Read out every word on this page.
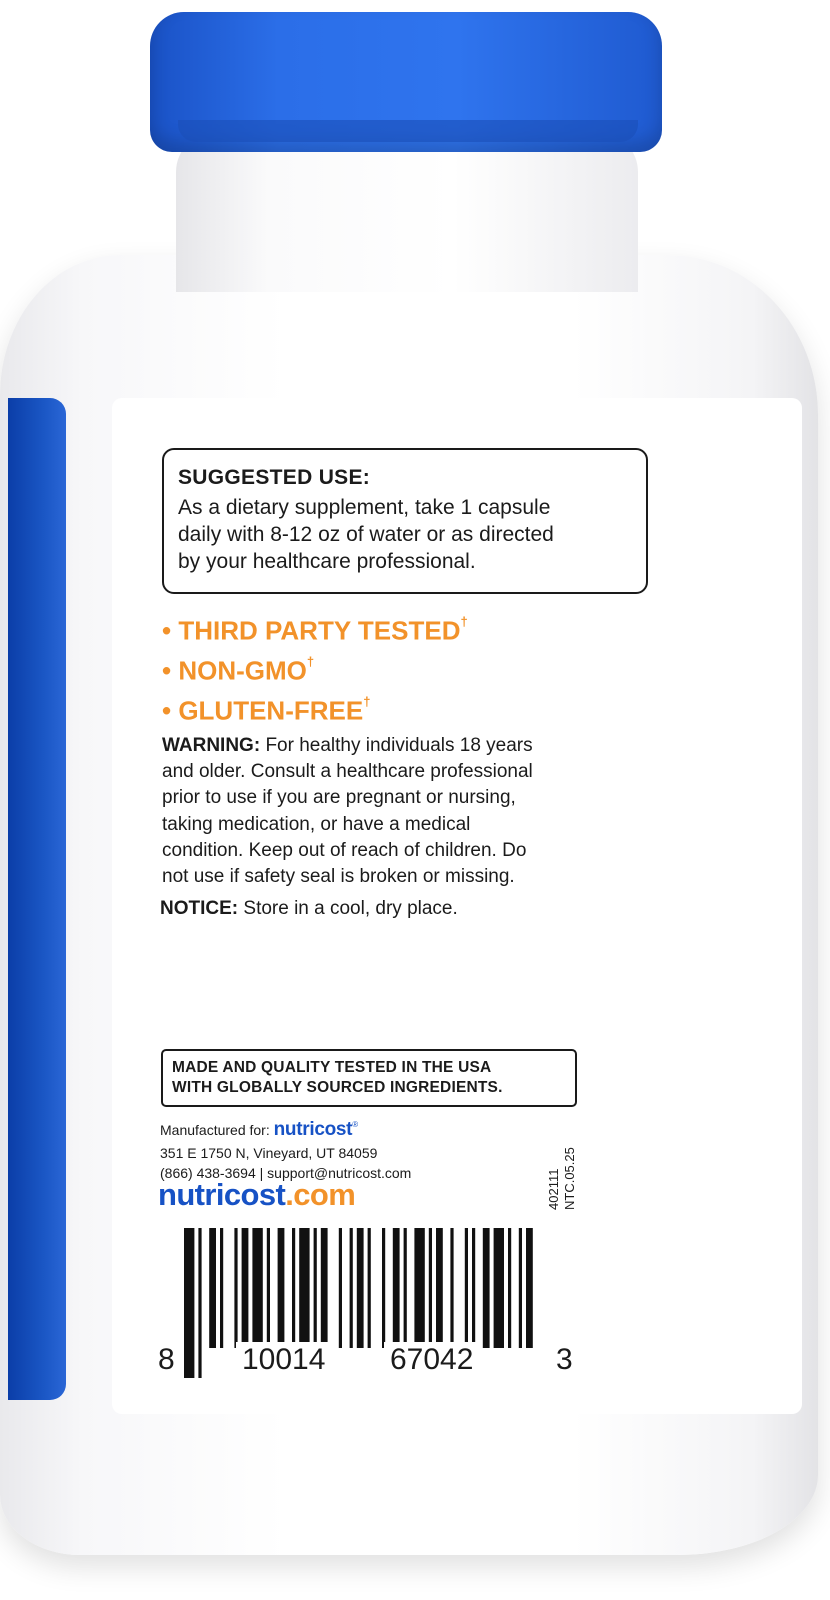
SUGGESTED USE:
As a dietary supplement, take 1 capsule
daily with 8-12 oz of water or as directed
by your healthcare professional.
• THIRD PARTY TESTED†
• NON-GMO†
• GLUTEN-FREE†
WARNING: For healthy individuals 18 years
and older. Consult a healthcare professional
prior to use if you are pregnant or nursing,
taking medication, or have a medical
condition. Keep out of reach of children. Do
not use if safety seal is broken or missing.
NOTICE: Store in a cool, dry place.
MADE AND QUALITY TESTED IN THE USA
WITH GLOBALLY SOURCED INGREDIENTS.
Manufactured for: nutricost®
351 E 1750 N, Vineyard, UT 84059
(866) 438-3694 | support@nutricost.com
nutricost.com	402111 NTC.05.25
8 10014 67042	3
